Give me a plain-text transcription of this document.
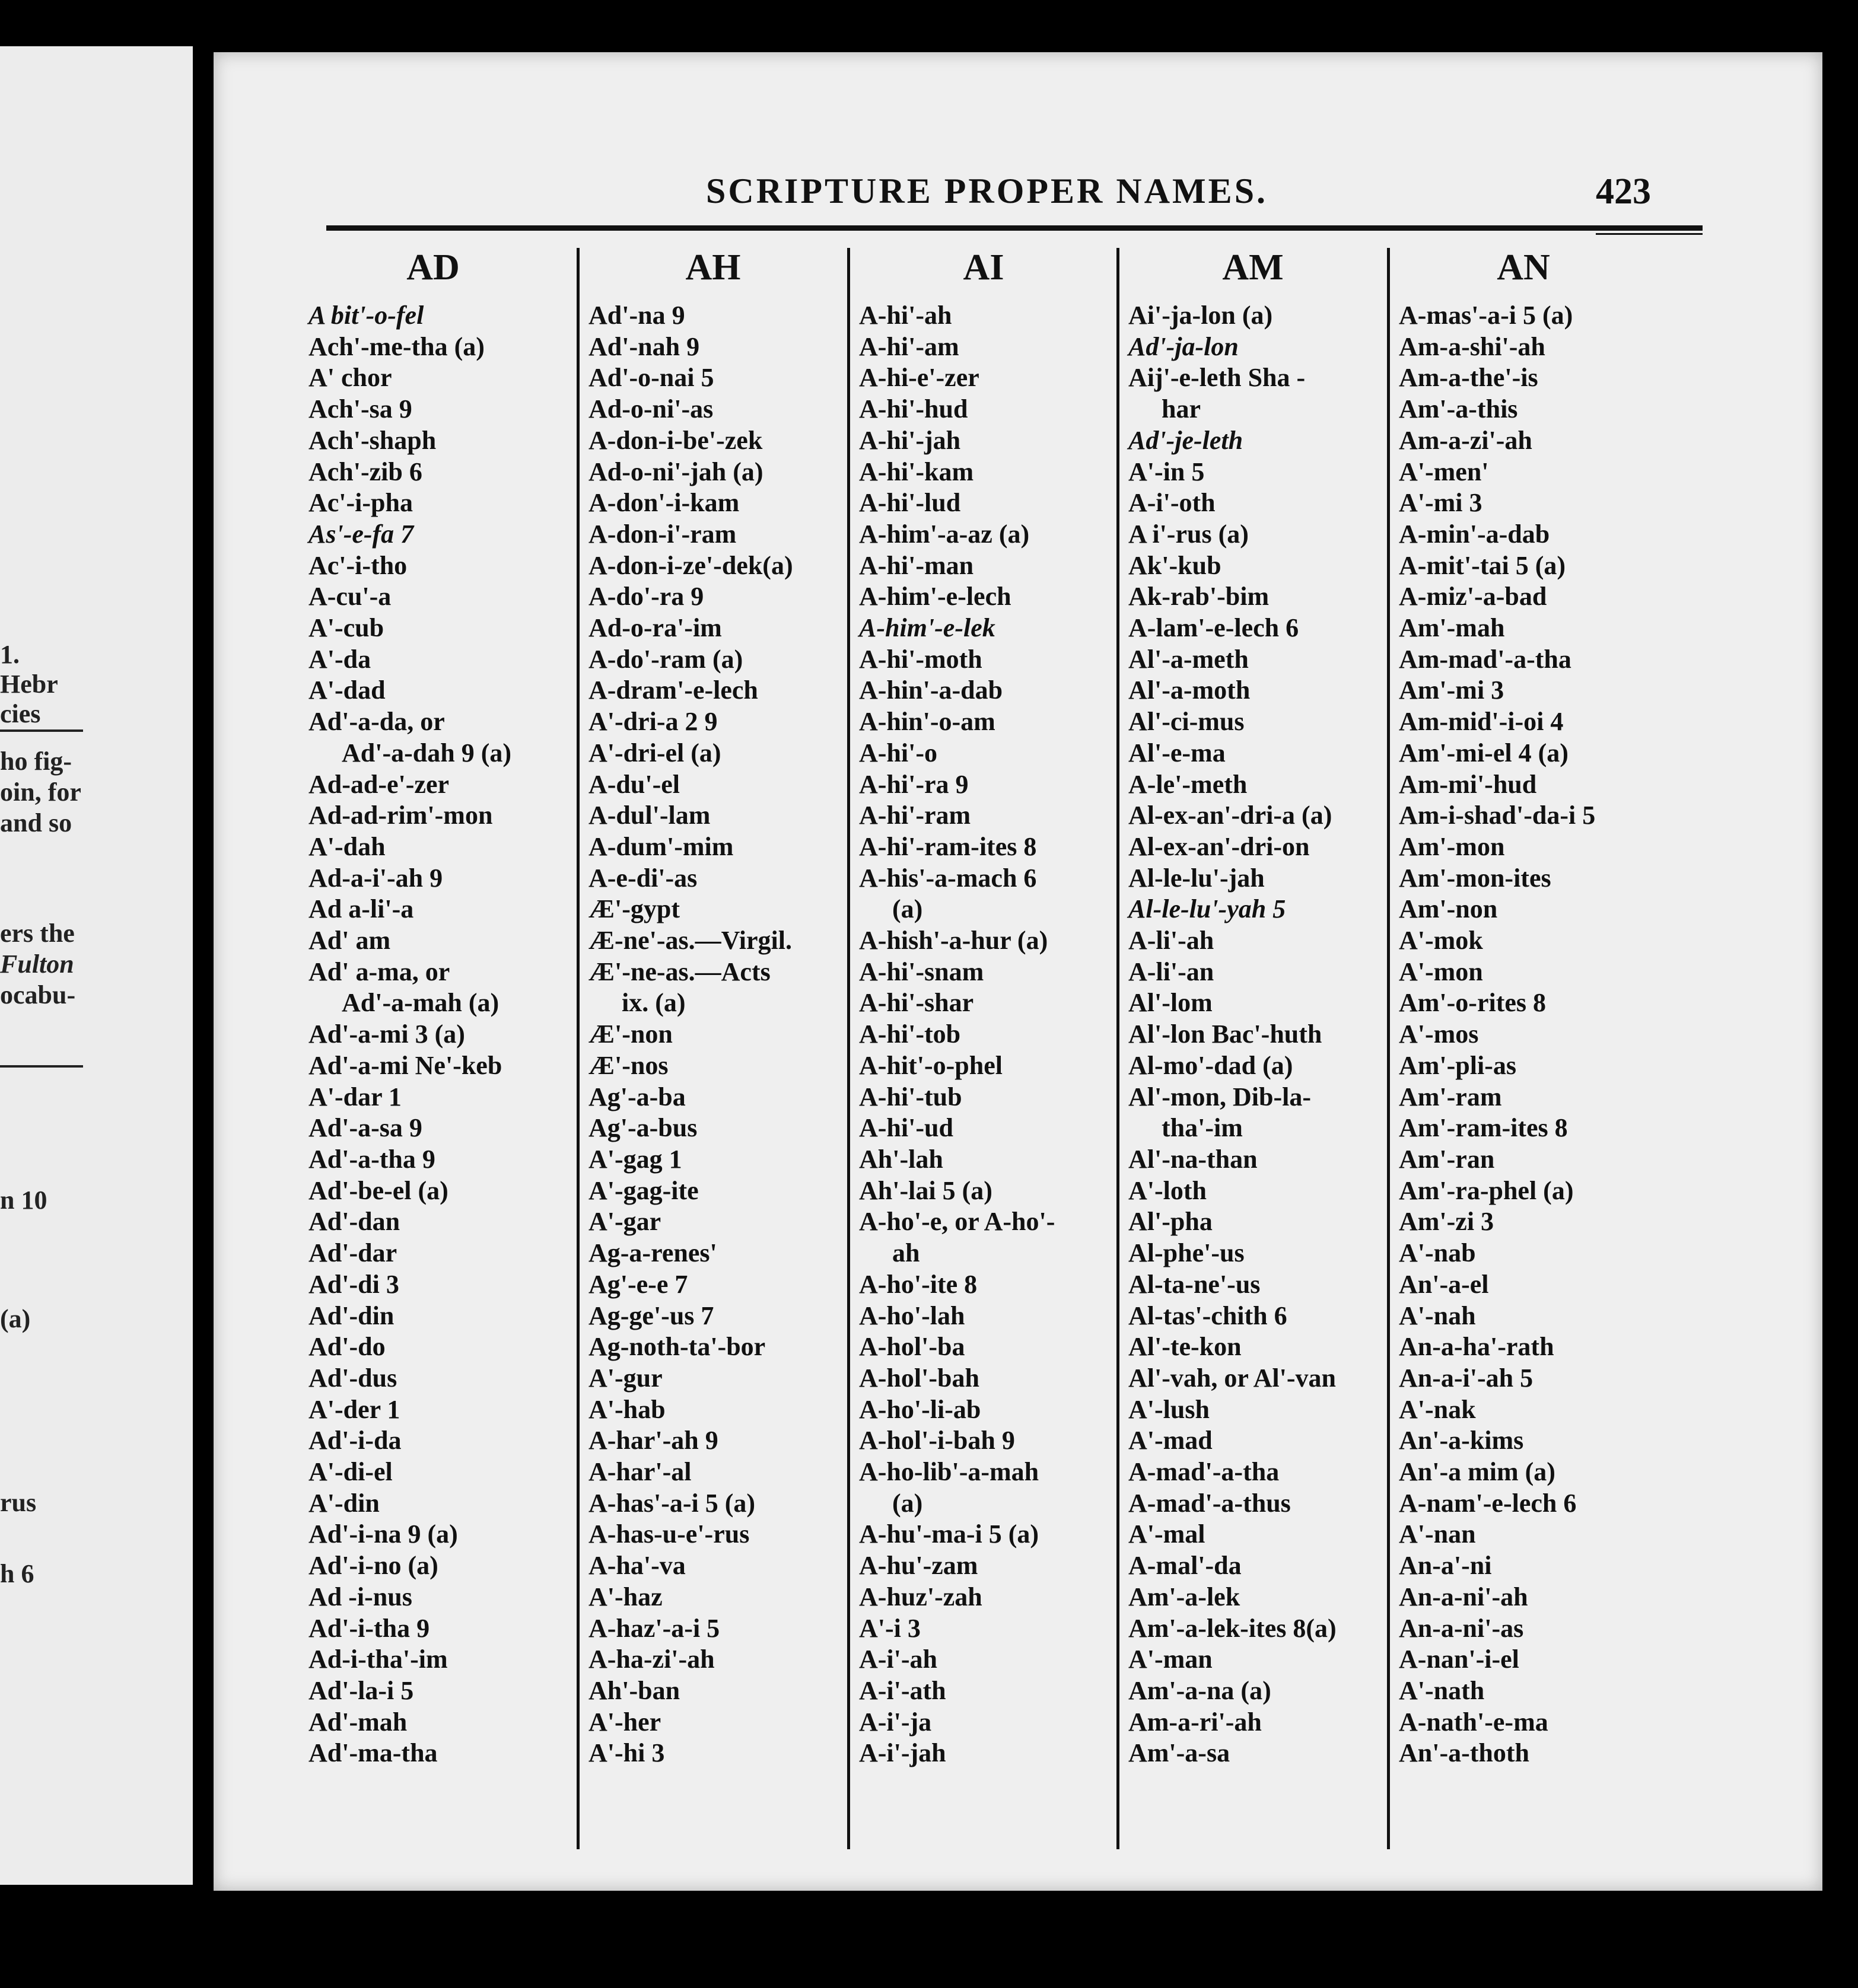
1.
Hebr
cies
ho fig-
oin, for
and so
ers the
Fulton
ocabu-
n 10
(a)
rus
h 6
SCRIPTURE PROPER NAMES.	423
AD
A bit'-o-fel
Ach'-me-tha (a)
A' chor
Ach'-sa 9
Ach'-shaph
Ach'-zib 6
Ac'-i-pha
As'-e-fa 7
Ac'-i-tho
A-cu'-a
A'-cub
A'-da
A'-dad
Ad'-a-da, or
Ad'-a-dah 9 (a)
Ad-ad-e'-zer
Ad-ad-rim'-mon
A'-dah
Ad-a-i'-ah 9
Ad a-li'-a
Ad' am
Ad' a-ma, or
Ad'-a-mah (a)
Ad'-a-mi 3 (a)
Ad'-a-mi Ne'-keb
A'-dar 1
Ad'-a-sa 9
Ad'-a-tha 9
Ad'-be-el (a)
Ad'-dan
Ad'-dar
Ad'-di 3
Ad'-din
Ad'-do
Ad'-dus
A'-der 1
Ad'-i-da
A'-di-el
A'-din
Ad'-i-na 9 (a)
Ad'-i-no (a)
Ad -i-nus
Ad'-i-tha 9
Ad-i-tha'-im
Ad'-la-i 5
Ad'-mah
Ad'-ma-tha
AH
Ad'-na 9
Ad'-nah 9
Ad'-o-nai 5
Ad-o-ni'-as
A-don-i-be'-zek
Ad-o-ni'-jah (a)
A-don'-i-kam
A-don-i'-ram
A-don-i-ze'-dek(a)
A-do'-ra 9
Ad-o-ra'-im
A-do'-ram (a)
A-dram'-e-lech
A'-dri-a 2 9
A'-dri-el (a)
A-du'-el
A-dul'-lam
A-dum'-mim
A-e-di'-as
Æ'-gypt
Æ-ne'-as.—Virgil.
Æ'-ne-as.—Acts
ix. (a)
Æ'-non
Æ'-nos
Ag'-a-ba
Ag'-a-bus
A'-gag 1
A'-gag-ite
A'-gar
Ag-a-renes'
Ag'-e-e 7
Ag-ge'-us 7
Ag-noth-ta'-bor
A'-gur
A'-hab
A-har'-ah 9
A-har'-al
A-has'-a-i 5 (a)
A-has-u-e'-rus
A-ha'-va
A'-haz
A-haz'-a-i 5
A-ha-zi'-ah
Ah'-ban
A'-her
A'-hi 3
AI
A-hi'-ah
A-hi'-am
A-hi-e'-zer
A-hi'-hud
A-hi'-jah
A-hi'-kam
A-hi'-lud
A-him'-a-az (a)
A-hi'-man
A-him'-e-lech
A-him'-e-lek
A-hi'-moth
A-hin'-a-dab
A-hin'-o-am
A-hi'-o
A-hi'-ra 9
A-hi'-ram
A-hi'-ram-ites 8
A-his'-a-mach 6
(a)
A-hish'-a-hur (a)
A-hi'-snam
A-hi'-shar
A-hi'-tob
A-hit'-o-phel
A-hi'-tub
A-hi'-ud
Ah'-lah
Ah'-lai 5 (a)
A-ho'-e, or A-ho'-
ah
A-ho'-ite 8
A-ho'-lah
A-hol'-ba
A-hol'-bah
A-ho'-li-ab
A-hol'-i-bah 9
A-ho-lib'-a-mah
(a)
A-hu'-ma-i 5 (a)
A-hu'-zam
A-huz'-zah
A'-i 3
A-i'-ah
A-i'-ath
A-i'-ja
A-i'-jah
AM
Ai'-ja-lon (a)
Ad'-ja-lon
Aij'-e-leth Sha -
har
Ad'-je-leth
A'-in 5
A-i'-oth
A i'-rus (a)
Ak'-kub
Ak-rab'-bim
A-lam'-e-lech 6
Al'-a-meth
Al'-a-moth
Al'-ci-mus
Al'-e-ma
A-le'-meth
Al-ex-an'-dri-a (a)
Al-ex-an'-dri-on
Al-le-lu'-jah
Al-le-lu'-yah 5
A-li'-ah
A-li'-an
Al'-lom
Al'-lon Bac'-huth
Al-mo'-dad (a)
Al'-mon, Dib-la-
tha'-im
Al'-na-than
A'-loth
Al'-pha
Al-phe'-us
Al-ta-ne'-us
Al-tas'-chith 6
Al'-te-kon
Al'-vah, or Al'-van
A'-lush
A'-mad
A-mad'-a-tha
A-mad'-a-thus
A'-mal
A-mal'-da
Am'-a-lek
Am'-a-lek-ites 8(a)
A'-man
Am'-a-na (a)
Am-a-ri'-ah
Am'-a-sa
AN
A-mas'-a-i 5 (a)
Am-a-shi'-ah
Am-a-the'-is
Am'-a-this
Am-a-zi'-ah
A'-men'
A'-mi 3
A-min'-a-dab
A-mit'-tai 5 (a)
A-miz'-a-bad
Am'-mah
Am-mad'-a-tha
Am'-mi 3
Am-mid'-i-oi 4
Am'-mi-el 4 (a)
Am-mi'-hud
Am-i-shad'-da-i 5
Am'-mon
Am'-mon-ites
Am'-non
A'-mok
A'-mon
Am'-o-rites 8
A'-mos
Am'-pli-as
Am'-ram
Am'-ram-ites 8
Am'-ran
Am'-ra-phel (a)
Am'-zi 3
A'-nab
An'-a-el
A'-nah
An-a-ha'-rath
An-a-i'-ah 5
A'-nak
An'-a-kims
An'-a mim (a)
A-nam'-e-lech 6
A'-nan
An-a'-ni
An-a-ni'-ah
An-a-ni'-as
A-nan'-i-el
A'-nath
A-nath'-e-ma
An'-a-thoth
